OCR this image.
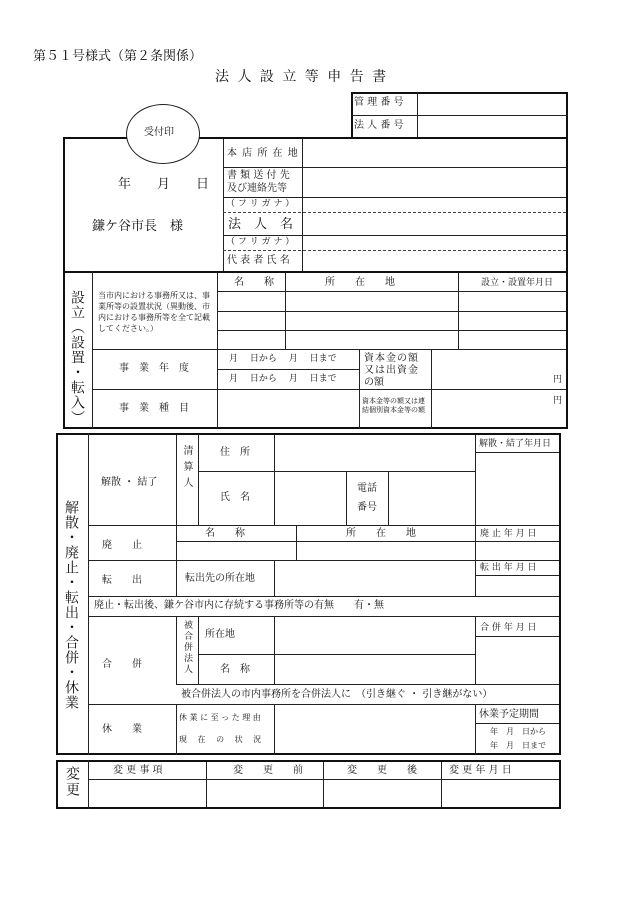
第５１号様式（第２条関係）
法 人 設 立 等 申 告 書
管 理 番 号
法 人 番 号
受付印
年　　月　　日
鎌ケ谷市長　様
本 店 所 在 地
書 類 送 付 先
及び連絡先等
（ フ リ ガ ナ ）
法　人　名
（ フ リ ガ ナ ）
代 表 者 氏 名
設立（設置・転入） 当市内における事務所又は、事業所等の設置状況（異動後、市内における事務所等を全て記載してください。）
名　　称	所　　在　　地	設立・設置年月日
事　業　年　度
月　 日から　 月　 日まで
月　 日から　 月　 日まで
資本金の額
又は出資金
の額	円
円
事　業　種　目
資本金等の額又は連結個別資本金等の額
解散・廃止・転出・合併・休業
解散 ・ 結了 清算人	住　所
氏　名
電話
番号
解散・結了年月日
名　　称	所　　在　　地	廃 止 年 月 日
廃　　止
転　　出	転出先の所在地
転 出 年 月 日
廃止・転出後、鎌ケ谷市内に存続する事務所等の有無　　有・無
合　　併	被合併法人 所在地
名　称
合 併 年 月 日
被合併法人の市内事務所を合併法人に　（引き継ぐ ・ 引き継がない）
休　　業
休 業 に 至 っ た 理 由
現　 在　 の　 状　 況
休業予定期間
年　月　日から
年　月　日まで
変更	変 更 事 項	変　　更　　前	変　　更　　後	変 更 年 月 日
